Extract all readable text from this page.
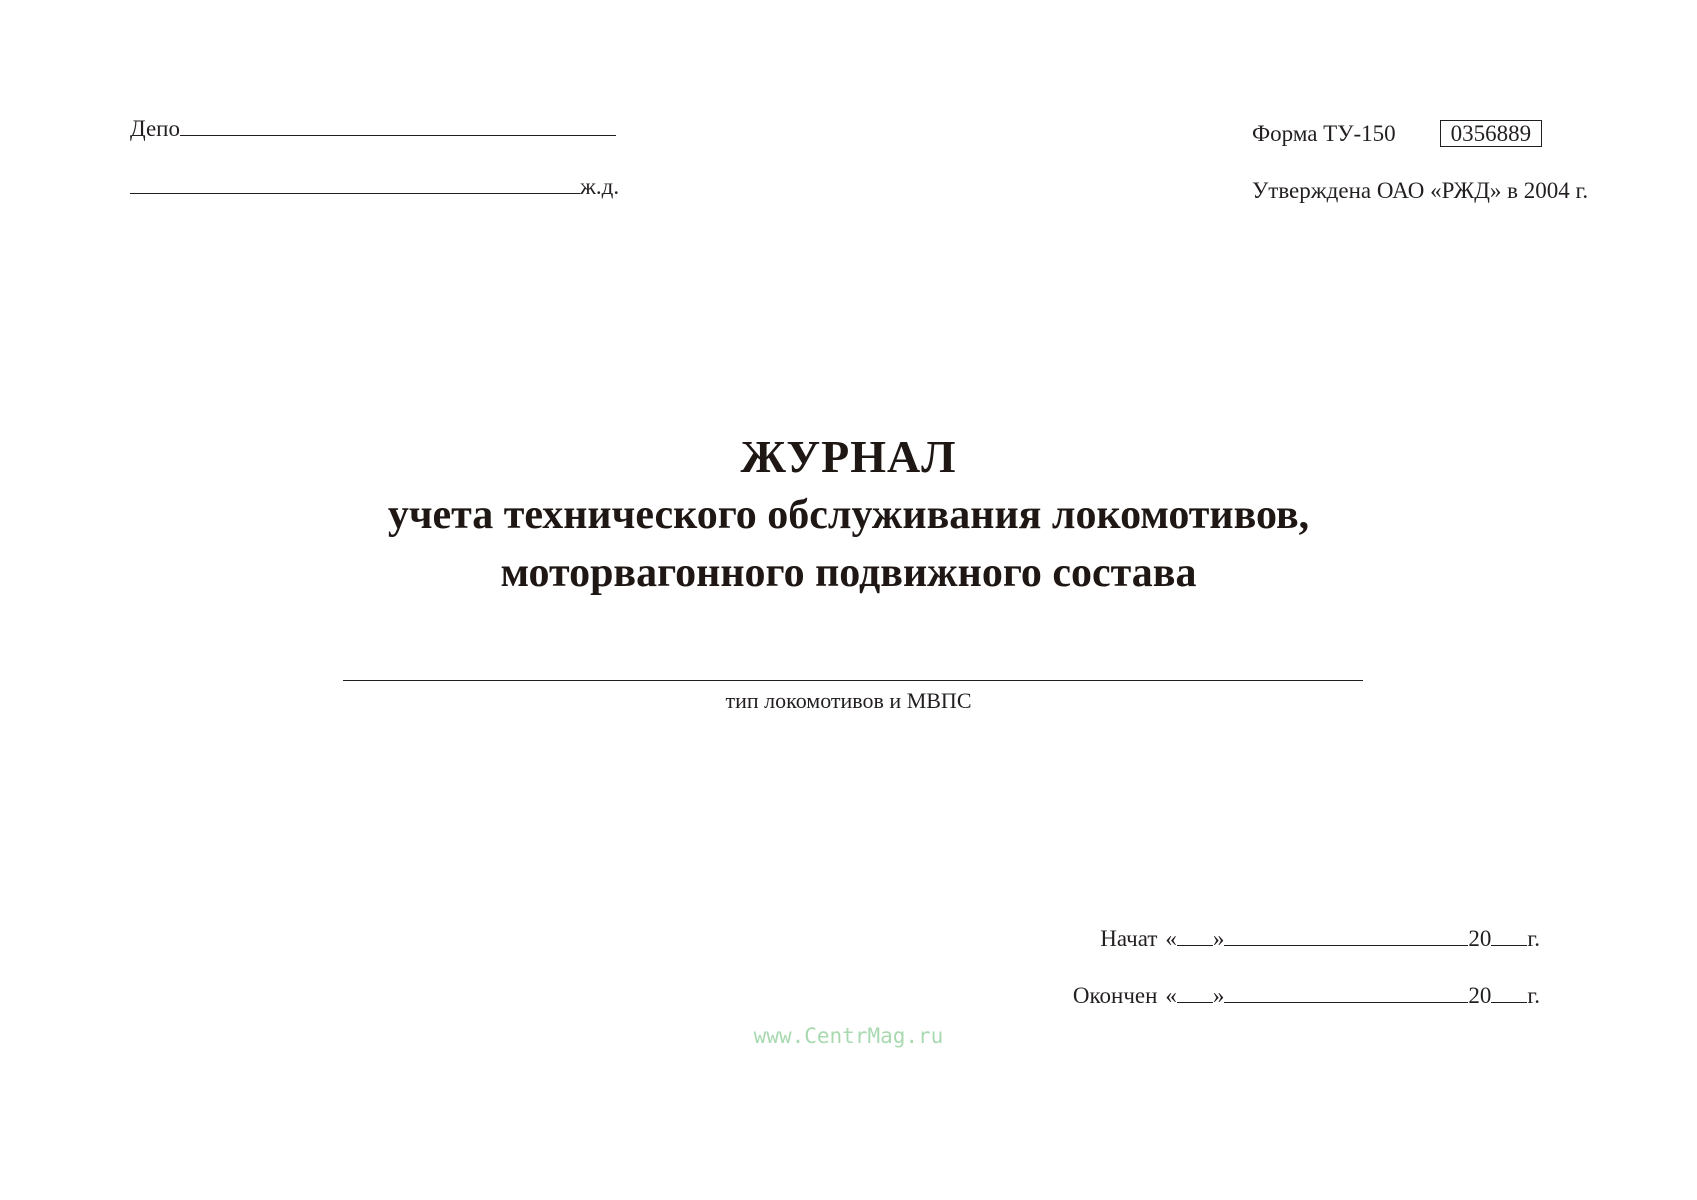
Депо
ж.д.
Форма ТУ-150 0356889
Утверждена ОАО «РЖД» в 2004 г.
ЖУРНАЛ
учета технического обслуживания локомотивов,
моторвагонного подвижного состава
тип локомотивов и МВПС
Начат « »	20 г.
Окончен « »	20 г.
www.CentrMag.ru
